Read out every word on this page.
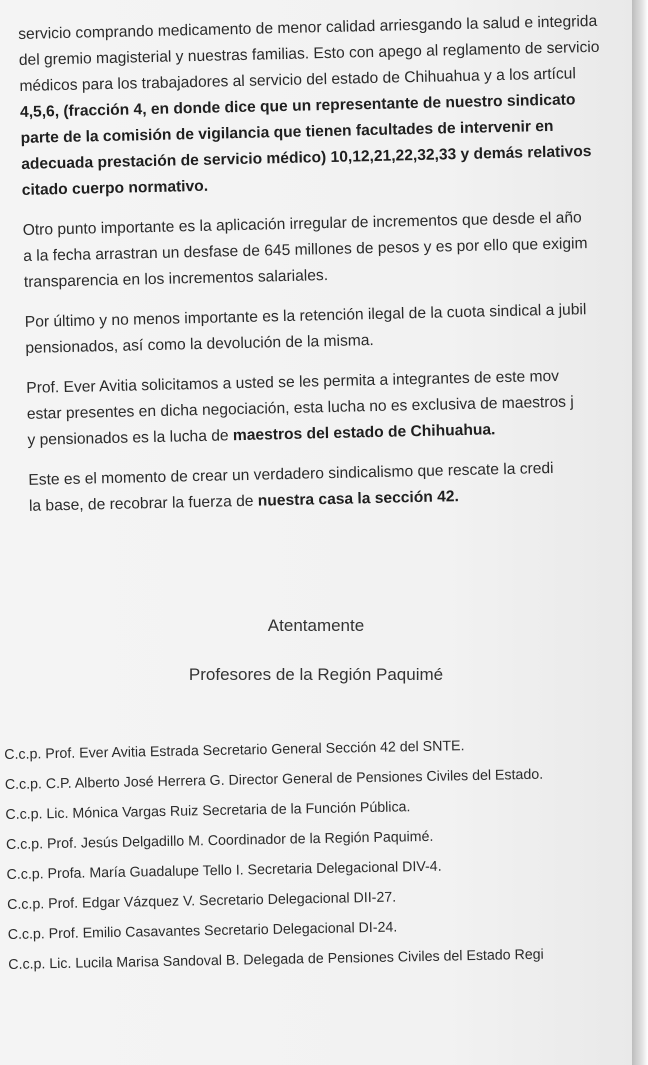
servicio comprando medicamento de menor calidad arriesgando la salud e integrida
del gremio magisterial y nuestras familias. Esto con apego al reglamento de servicio
médicos para los trabajadores al servicio del estado de Chihuahua y a los artícul
4,5,6, (fracción 4, en donde dice que un representante de nuestro sindicato
parte de la comisión de vigilancia que tienen facultades de intervenir en
adecuada prestación de servicio médico) 10,12,21,22,32,33 y demás relativos
citado cuerpo normativo.
Otro punto importante es la aplicación irregular de incrementos que desde el año
a la fecha arrastran un desfase de 645 millones de pesos y es por ello que exigim
transparencia en los incrementos salariales.
Por último y no menos importante es la retención ilegal de la cuota sindical a jubil
pensionados, así como la devolución de la misma.
Prof. Ever Avitia solicitamos a usted se les permita a integrantes de este mov
estar presentes en dicha negociación, esta lucha no es exclusiva de maestros j
y pensionados es la lucha de maestros del estado de Chihuahua.
Este es el momento de crear un verdadero sindicalismo que rescate la credi
la base, de recobrar la fuerza de nuestra casa la sección 42.
Atentamente
Profesores de la Región Paquimé
C.c.p. Prof. Ever Avitia Estrada Secretario General Sección 42 del SNTE.
C.c.p. C.P. Alberto José Herrera G. Director General de Pensiones Civiles del Estado.
C.c.p. Lic. Mónica Vargas Ruiz Secretaria de la Función Pública.
C.c.p. Prof. Jesús Delgadillo M. Coordinador de la Región Paquimé.
C.c.p. Profa. María Guadalupe Tello I. Secretaria Delegacional DIV-4.
C.c.p. Prof. Edgar Vázquez V. Secretario Delegacional DII-27.
C.c.p. Prof. Emilio Casavantes Secretario Delegacional DI-24.
C.c.p. Lic. Lucila Marisa Sandoval B. Delegada de Pensiones Civiles del Estado Regi
